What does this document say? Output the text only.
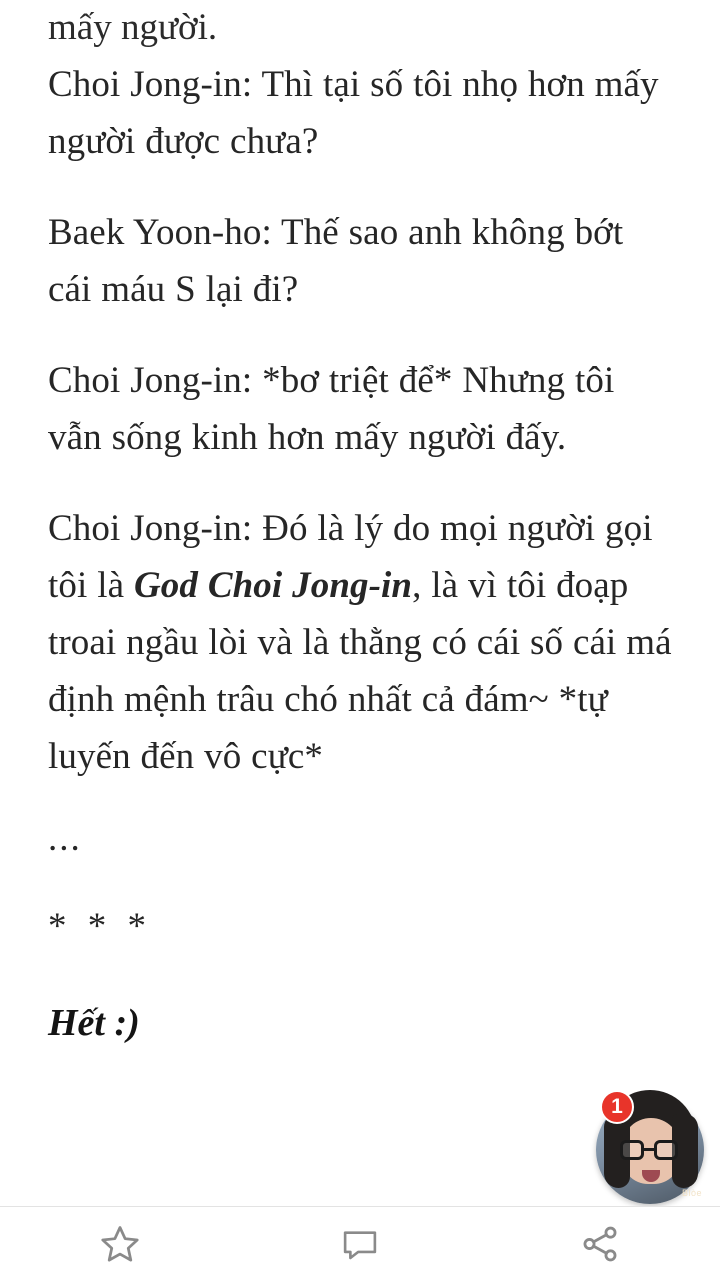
mấy người.

Choi Jong-in: Thì tại số tôi nhọ hơn mấy người được chưa?

Baek Yoon-ho: Thế sao anh không bớt cái máu S lại đi?

Choi Jong-in: *bơ triệt để* Nhưng tôi vẫn sống kinh hơn mấy người đấy.

Choi Jong-in: Đó là lý do mọi người gọi tôi là God Choi Jong-in, là vì tôi đoạp troai ngầu lòi và là thằng có cái số cái má định mệnh trâu chó nhất cả đám~ *tự luyến đến vô cực*

...

* * *

Hết :)

Blòe
1
